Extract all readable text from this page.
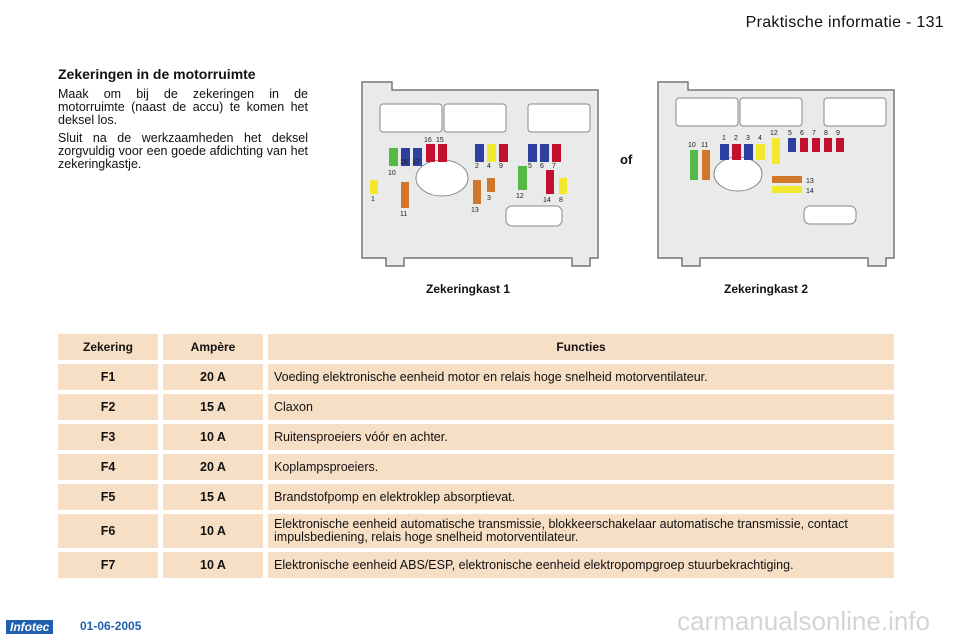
Praktische informatie - 131
Zekeringen in de motorruimte

Maak om bij de zekeringen in de motorruimte (naast de accu) te komen het deksel los.

Sluit na de werkzaamheden het deksel zorgvuldig voor een goede afdichting van het zekeringkastje.

16 15
10
16 17
1
11
2 4 9
13
3
5 6 7
12
14 8
of
10 11
1 2 3 4
12 5 6 7 8 9
13
14
Zekeringkast 1	Zekeringkast 2
Zekering	Ampère	Functies
F1	20 A	Voeding elektronische eenheid motor en relais hoge snelheid motorventilateur.
F2	15 A	Claxon
F3	10 A	Ruitensproeiers vóór en achter.
F4	20 A	Koplampsproeiers.
F5	15 A	Brandstofpomp en elektroklep absorptievat.
F6	10 A	Elektronische eenheid automatische transmissie, blokkeerschakelaar automatische transmissie, contact impulsbediening, relais hoge snelheid motorventilateur.
F7	10 A	Elektronische eenheid ABS/ESP, elektronische eenheid elektropompgroep stuurbekrachtiging.
Infotec	01-06-2005	carmanualsonline.info
